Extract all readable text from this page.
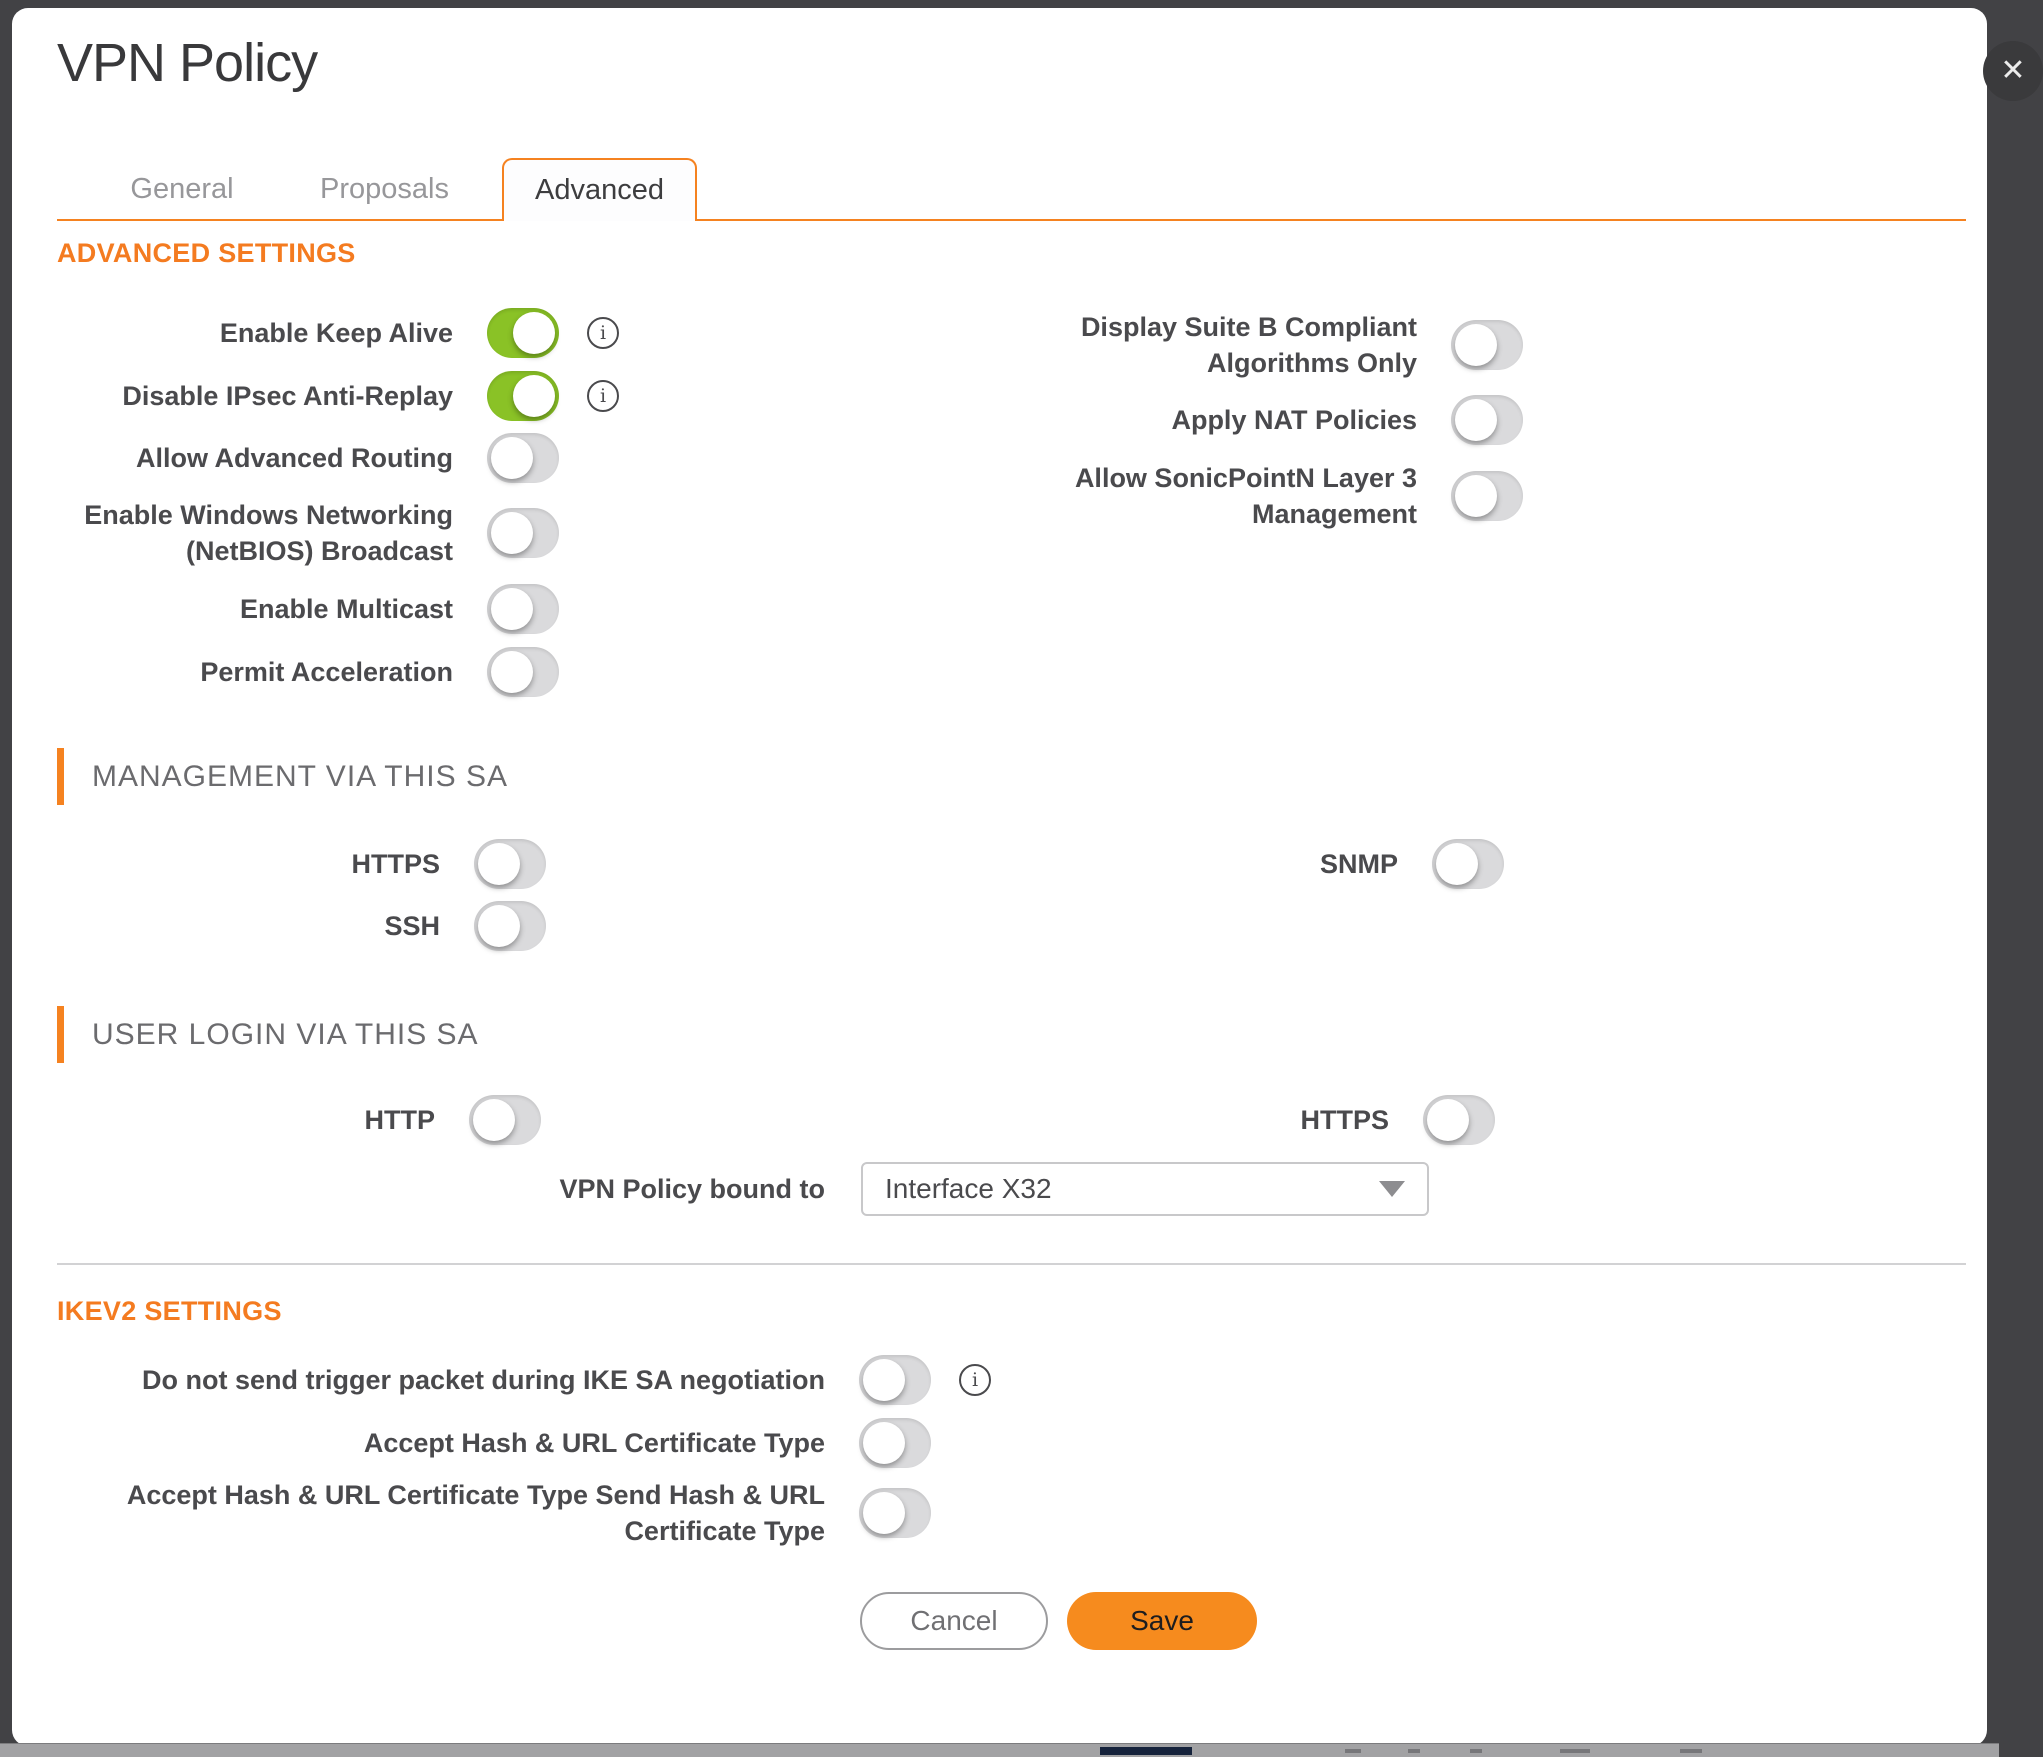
VPN Policy
General	Proposals	Advanced
ADVANCED SETTINGS
Enable Keep Alive	i
Disable IPsec Anti-Replay	i
Allow Advanced Routing
Enable Windows Networking (NetBIOS) Broadcast
Enable Multicast
Permit Acceleration
Display Suite B Compliant Algorithms Only
Apply NAT Policies
Allow SonicPointN Layer 3 Management
MANAGEMENT VIA THIS SA
HTTPS
SSH
SNMP
USER LOGIN VIA THIS SA
HTTP	HTTPS
VPN Policy bound to Interface X32
IKEV2 SETTINGS
Do not send trigger packet during IKE SA negotiation	i
Accept Hash & URL Certificate Type
Accept Hash & URL Certificate Type Send Hash & URL Certificate Type
Cancel	Save
✕
